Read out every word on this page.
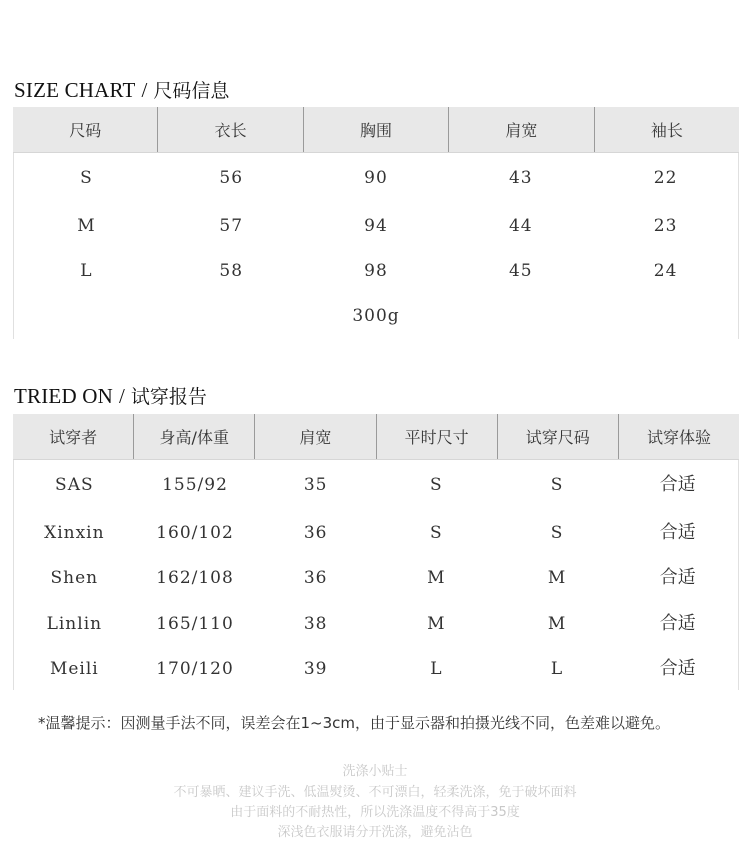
SIZE CHART / 尺码信息
尺码	衣长	胸围	肩宽	袖长
S	56	90	43	22
M	57	94	44	23
L	58	98	45	24
300g
TRIED ON / 试穿报告
试穿者	身高/体重	肩宽	平时尺寸	试穿尺码	试穿体验
SAS	155/92	35	S	S	合适
Xinxin	160/102	36	S	S	合适
Shen	162/108	36	M	M	合适
Linlin	165/110	38	M	M	合适
Meili	170/120	39	L	L	合适
*温馨提示：因测量手法不同，误差会在1~3cm，由于显示器和拍摄光线不同，色差难以避免。
洗涤小贴士
不可暴晒、建议手洗、低温熨烫、不可漂白，轻柔洗涤，免于破坏面料
由于面料的不耐热性，所以洗涤温度不得高于35度
深浅色衣服请分开洗涤，避免沾色
